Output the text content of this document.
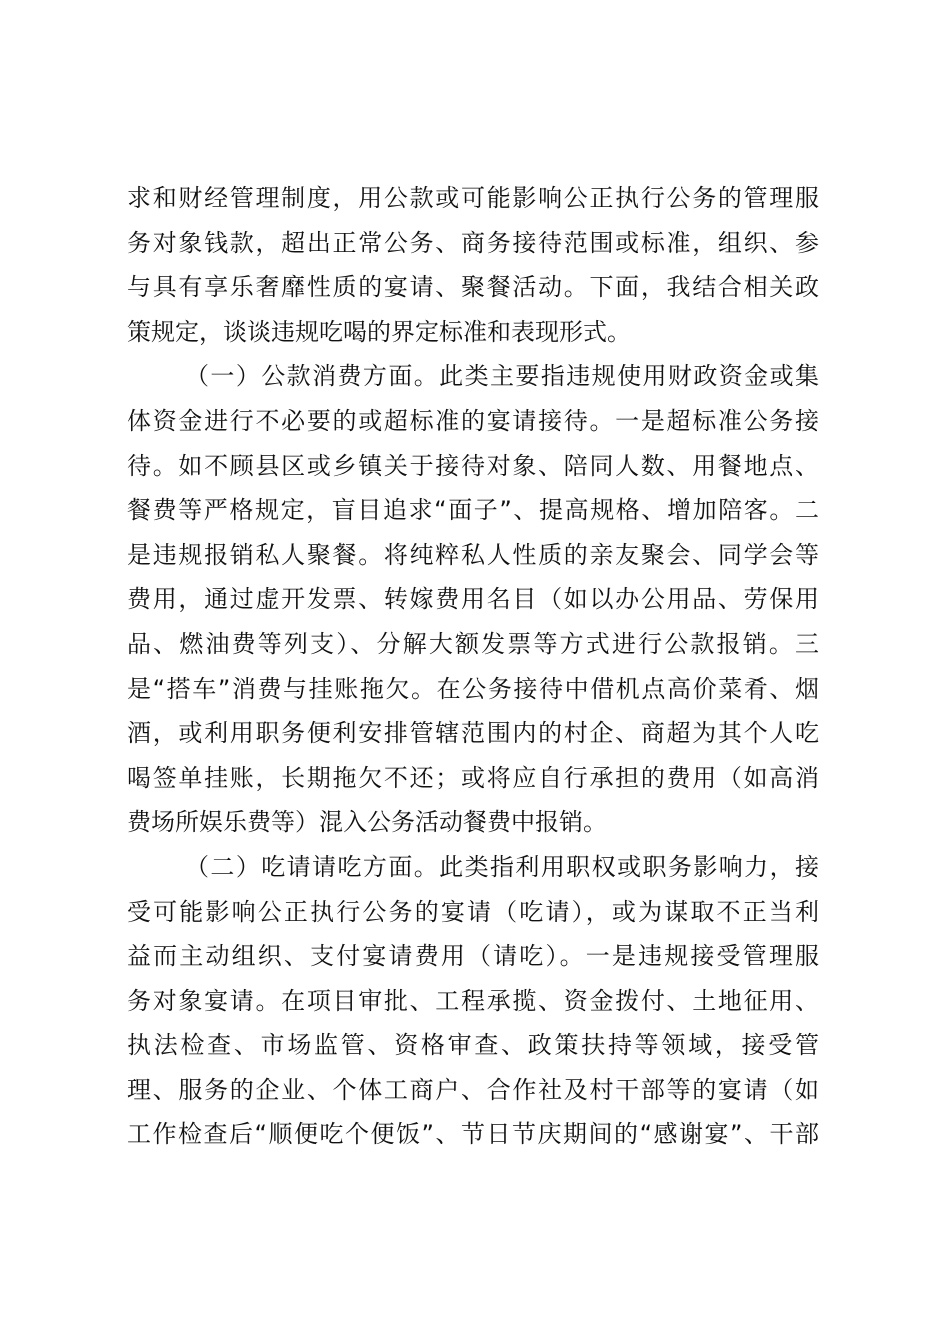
求和财经管理制度，用公款或可能影响公正执行公务的管理服
务对象钱款，超出正常公务、商务接待范围或标准，组织、参
与具有享乐奢靡性质的宴请、聚餐活动。下面，我结合相关政
策规定，谈谈违规吃喝的界定标准和表现形式。
（一）公款消费方面。此类主要指违规使用财政资金或集
体资金进行不必要的或超标准的宴请接待。一是超标准公务接
待。如不顾县区或乡镇关于接待对象、陪同人数、用餐地点、
餐费等严格规定，盲目追求“面子”、提高规格、增加陪客。二
是违规报销私人聚餐。将纯粹私人性质的亲友聚会、同学会等
费用，通过虚开发票、转嫁费用名目（如以办公用品、劳保用
品、燃油费等列支）、分解大额发票等方式进行公款报销。三
是“搭车”消费与挂账拖欠。在公务接待中借机点高价菜肴、烟
酒，或利用职务便利安排管辖范围内的村企、商超为其个人吃
喝签单挂账，长期拖欠不还；或将应自行承担的费用（如高消
费场所娱乐费等）混入公务活动餐费中报销。
（二）吃请请吃方面。此类指利用职权或职务影响力，接
受可能影响公正执行公务的宴请（吃请），或为谋取不正当利
益而主动组织、支付宴请费用（请吃）。一是违规接受管理服
务对象宴请。在项目审批、工程承揽、资金拨付、土地征用、
执法检查、市场监管、资格审查、政策扶持等领域，接受管
理、服务的企业、个体工商户、合作社及村干部等的宴请（如
工作检查后“顺便吃个便饭”、节日节庆期间的“感谢宴”、干部
